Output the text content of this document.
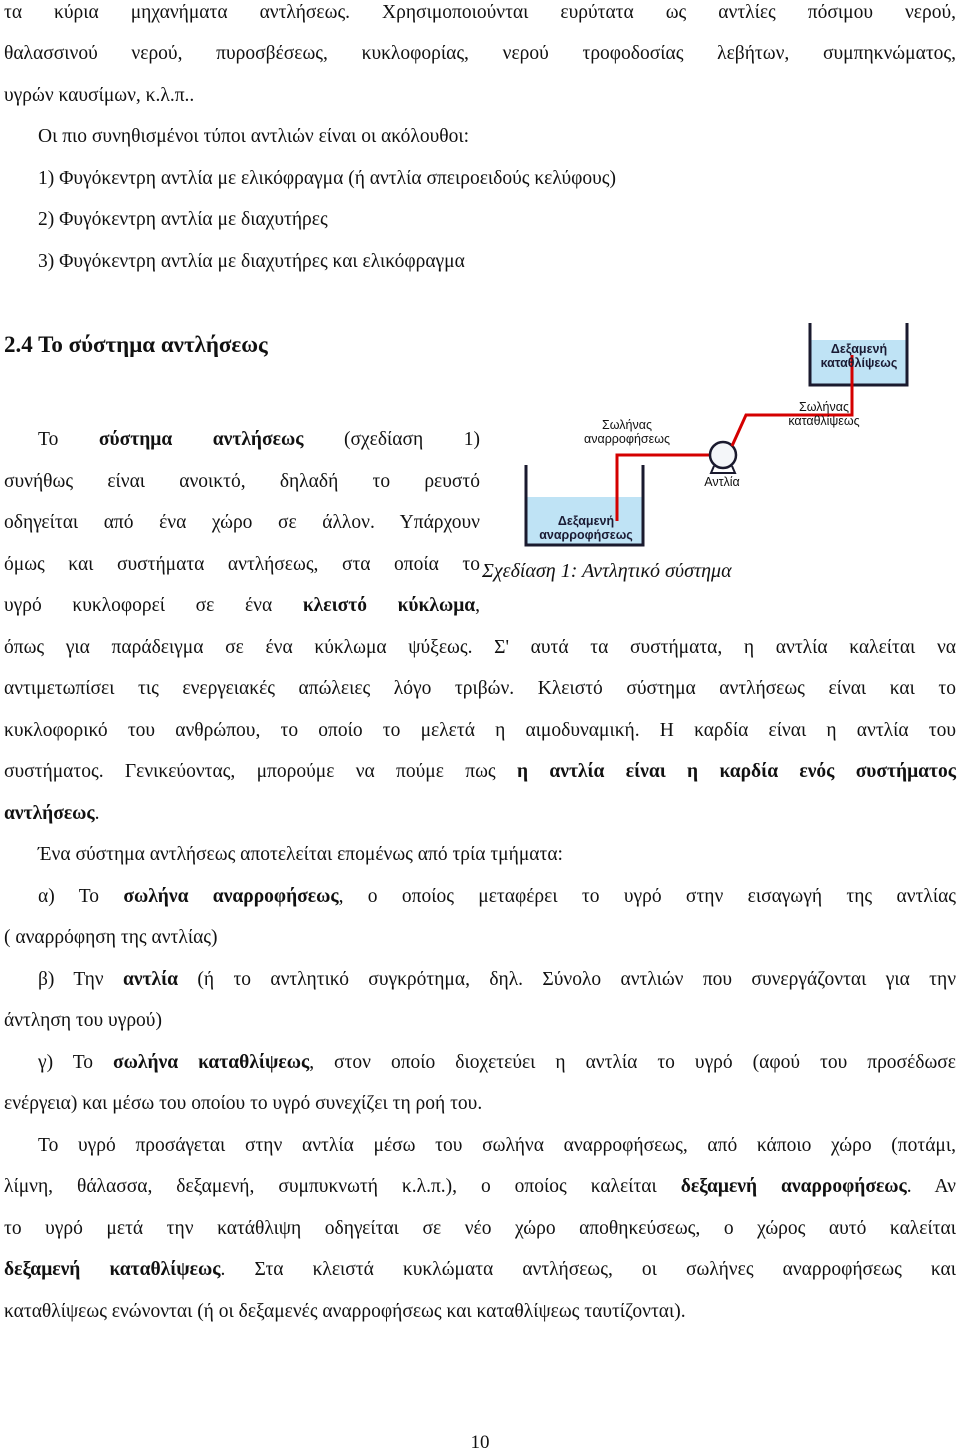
τα κύρια μηχανήματα αντλήσεως. Χρησιμοποιούνται ευρύτατα ως αντλίες πόσιμου νερού,
θαλασσινού νερού, πυροσβέσεως, κυκλοφορίας, νερού τροφοδοσίας λεβήτων, συμπηκνώματος,
υγρών καυσίμων, κ.λ.π..
Οι πιο συνηθισμένοι τύποι αντλιών είναι οι ακόλουθοι:
1) Φυγόκεντρη αντλία με ελικόφραγμα (ή αντλία σπειροειδούς κελύφους)
2) Φυγόκεντρη αντλία με διαχυτήρες
3) Φυγόκεντρη αντλία με διαχυτήρες και ελικόφραγμα
2.4 Το σύστημα αντλήσεως	Δεξαμενή καταθλίψεως
Σωλήνας καταθλίψεως
Σωλήνας αναρροφήσεως
Αντλία
Δεξαμενή αναρροφήσεως
Σχεδίαση 1: Αντλητικό σύστημα
Το σύστημα αντλήσεως (σχεδίαση 1)
συνήθως είναι ανοικτό, δηλαδή το ρευστό
οδηγείται από ένα χώρο σε άλλον. Υπάρχουν
όμως και συστήματα αντλήσεως, στα οποία το
υγρό κυκλοφορεί σε ένα κλειστό κύκλωμα,
όπως για παράδειγμα σε ένα κύκλωμα ψύξεως. Σ' αυτά τα συστήματα, η αντλία καλείται να
αντιμετωπίσει τις ενεργειακές απώλειες λόγο τριβών. Κλειστό σύστημα αντλήσεως είναι και το
κυκλοφορικό του ανθρώπου, το οποίο το μελετά η αιμοδυναμική. Η καρδία είναι η αντλία του
συστήματος. Γενικεύοντας, μπορούμε να πούμε πως η αντλία είναι η καρδία ενός συστήματος
αντλήσεως.
Ένα σύστημα αντλήσεως αποτελείται επομένως από τρία τμήματα:
α) Το σωλήνα αναρροφήσεως, ο οποίος μεταφέρει το υγρό στην εισαγωγή της αντλίας
( αναρρόφηση της αντλίας)
β) Την αντλία (ή το αντλητικό συγκρότημα, δηλ. Σύνολο αντλιών που συνεργάζονται για την
άντληση του υγρού)
γ) Το σωλήνα καταθλίψεως, στον οποίο διοχετεύει η αντλία το υγρό (αφού του προσέδωσε
ενέργεια) και μέσω του οποίου το υγρό συνεχίζει τη ροή του.
Το υγρό προσάγεται στην αντλία μέσω του σωλήνα αναρροφήσεως, από κάποιο χώρο (ποτάμι,
λίμνη, θάλασσα, δεξαμενή, συμπυκνωτή κ.λ.π.), ο οποίος καλείται δεξαμενή αναρροφήσεως. Αν
το υγρό μετά την κατάθλιψη οδηγείται σε νέο χώρο αποθηκεύσεως, ο χώρος αυτό καλείται
δεξαμενή καταθλίψεως. Στα κλειστά κυκλώματα αντλήσεως, οι σωλήνες αναρροφήσεως και
καταθλίψεως ενώνονται (ή οι δεξαμενές αναρροφήσεως και καταθλίψεως ταυτίζονται).
10
